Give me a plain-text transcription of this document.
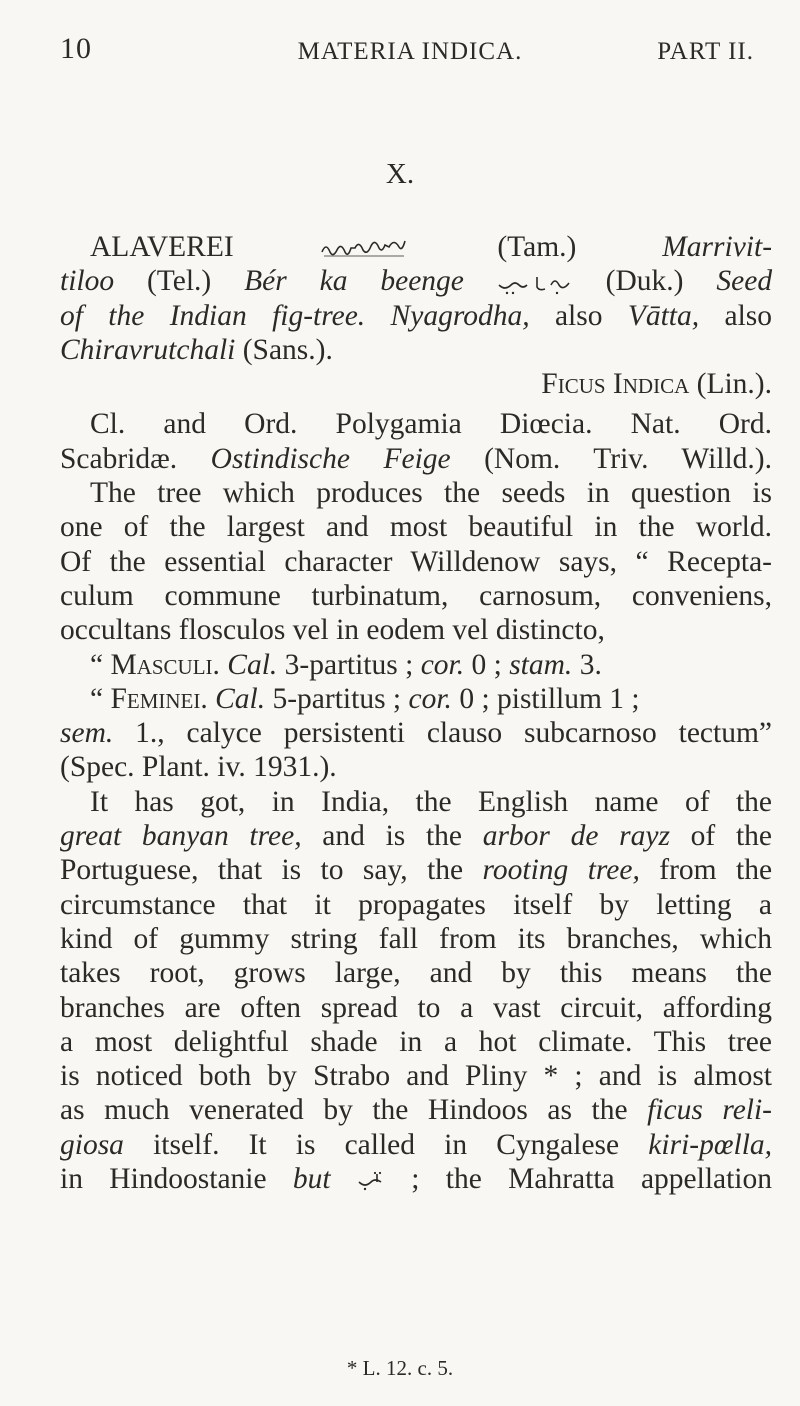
10	MATERIA INDICA.	PART II.
X.
ALAVEREI	(Tam.)	Marrivit-
tiloo (Tel.) Bér ka beenge	(Duk.) Seed
of the Indian fig-tree. Nyagrodha, also Vātta, also
Chiravrutchali (Sans.).
Ficus Indica (Lin.).
Cl. and Ord. Polygamia Diœcia. Nat. Ord.
Scabridæ. Ostindische Feige (Nom. Triv. Willd.).
The tree which produces the seeds in question is
one of the largest and most beautiful in the world.
Of the essential character Willdenow says, “ Recepta-
culum commune turbinatum, carnosum, conveniens,
occultans flosculos vel in eodem vel distincto,
“ Masculi. Cal. 3-partitus ; cor. 0 ; stam. 3.
“ Feminei. Cal. 5-partitus ; cor. 0 ; pistillum 1 ;
sem. 1., calyce persistenti clauso subcarnoso tectum”
(Spec. Plant. iv. 1931.).
It has got, in India, the English name of the
great banyan tree, and is the arbor de rayz of the
Portuguese, that is to say, the rooting tree, from the
circumstance that it propagates itself by letting a
kind of gummy string fall from its branches, which
takes root, grows large, and by this means the
branches are often spread to a vast circuit, affording
a most delightful shade in a hot climate. This tree
is noticed both by Strabo and Pliny * ; and is almost
as much venerated by the Hindoos as the ficus reli-
giosa itself. It is called in Cyngalese kiri-pœlla,
in Hindoostanie but	; the Mahratta appellation
* L. 12. c. 5.
